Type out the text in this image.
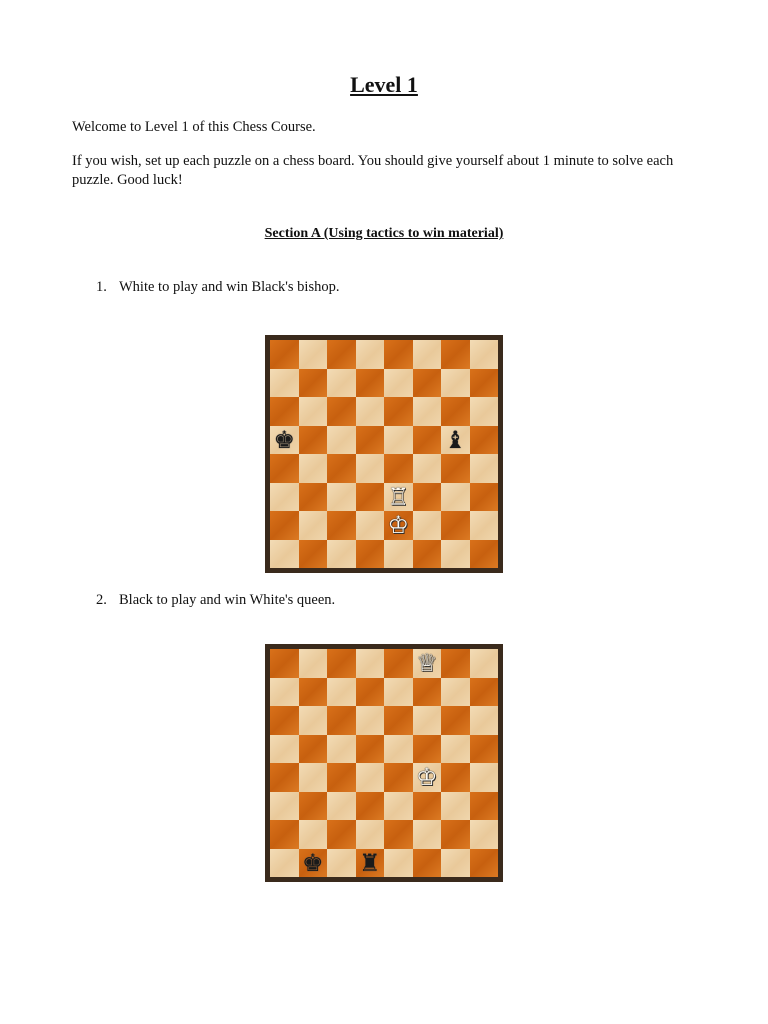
Level 1
Welcome to Level 1 of this Chess Course.
If you wish, set up each puzzle on a chess board. You should give yourself about 1 minute to solve each puzzle. Good luck!
Section A (Using tactics to win material)
1. White to play and win Black's bishop.
♚	♝
♖
♔
2. Black to play and win White's queen.
♕
♔
♚ ♜
